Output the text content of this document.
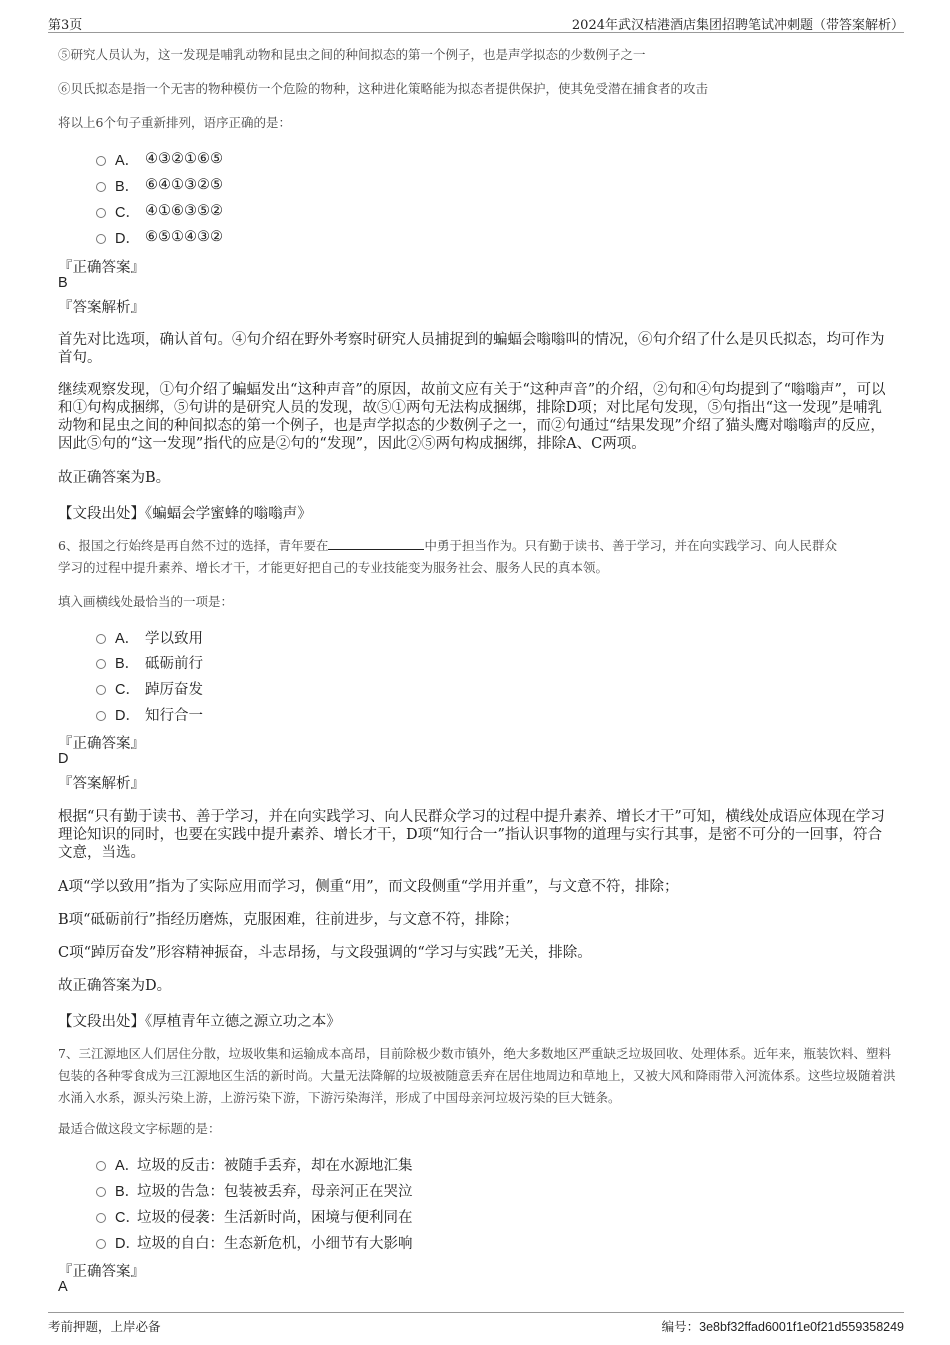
第3页	2024年武汉桔港酒店集团招聘笔试冲刺题（带答案解析）
⑤研究人员认为，这一发现是哺乳动物和昆虫之间的种间拟态的第一个例子，也是声学拟态的少数例子之一
⑥贝氏拟态是指一个无害的物种模仿一个危险的物种，这种进化策略能为拟态者提供保护，使其免受潜在捕食者的攻击
将以上6个句子重新排列，语序正确的是：
A． ④③②①⑥⑤
B． ⑥④①③②⑤
C． ④①⑥③⑤②
D． ⑥⑤①④③②
『正确答案』
B
『答案解析』
首先对比选项，确认首句。④句介绍在野外考察时研究人员捕捉到的蝙蝠会嗡嗡叫的情况，⑥句介绍了什么是贝氏拟态，均可作为首句。
继续观察发现，①句介绍了蝙蝠发出“这种声音”的原因，故前文应有关于“这种声音”的介绍，②句和④句均提到了“嗡嗡声”，可以和①句构成捆绑，⑤句讲的是研究人员的发现，故⑤①两句无法构成捆绑，排除D项；对比尾句发现，⑤句指出“这一发现”是哺乳动物和昆虫之间的种间拟态的第一个例子，也是声学拟态的少数例子之一，而②句通过“结果发现”介绍了猫头鹰对嗡嗡声的反应，因此⑤句的“这一发现”指代的应是②句的“发现”，因此②⑤两句构成捆绑，排除A、C两项。
故正确答案为B。
【文段出处】《蝙蝠会学蜜蜂的嗡嗡声》
6、报国之行始终是再自然不过的选择，青年要在	中勇于担当作为。只有勤于读书、善于学习，并在向实践学习、向人民群众
学习的过程中提升素养、增长才干，才能更好把自己的专业技能变为服务社会、服务人民的真本领。
填入画横线处最恰当的一项是：
A． 学以致用
B． 砥砺前行
C． 踔厉奋发
D． 知行合一
『正确答案』
D
『答案解析』
根据“只有勤于读书、善于学习，并在向实践学习、向人民群众学习的过程中提升素养、增长才干”可知，横线处成语应体现在学习理论知识的同时，也要在实践中提升素养、增长才干，D项“知行合一”指认识事物的道理与实行其事，是密不可分的一回事，符合文意，当选。
A项“学以致用”指为了实际应用而学习，侧重“用”，而文段侧重“学用并重”，与文意不符，排除；
B项“砥砺前行”指经历磨炼，克服困难，往前进步，与文意不符，排除；
C项“踔厉奋发”形容精神振奋，斗志昂扬，与文段强调的“学习与实践”无关，排除。
故正确答案为D。
【文段出处】《厚植青年立德之源立功之本》
7、三江源地区人们居住分散，垃圾收集和运输成本高昂，目前除极少数市镇外，绝大多数地区严重缺乏垃圾回收、处理体系。近年来，瓶装饮料、塑料包装的各种零食成为三江源地区生活的新时尚。大量无法降解的垃圾被随意丢弃在居住地周边和草地上，又被大风和降雨带入河流体系。这些垃圾随着洪水涌入水系，源头污染上游，上游污染下游，下游污染海洋，形成了中国母亲河垃圾污染的巨大链条。
最适合做这段文字标题的是：
A．
垃圾的反击：被随手丢弃，却在水源地汇集
B．
垃圾的告急：包装被丢弃，母亲河正在哭泣
C．
垃圾的侵袭：生活新时尚，困境与便利同在
D．
垃圾的自白：生态新危机，小细节有大影响
『正确答案』
A
考前押题，上岸必备	编号：3e8bf32ffad6001f1e0f21d559358249
